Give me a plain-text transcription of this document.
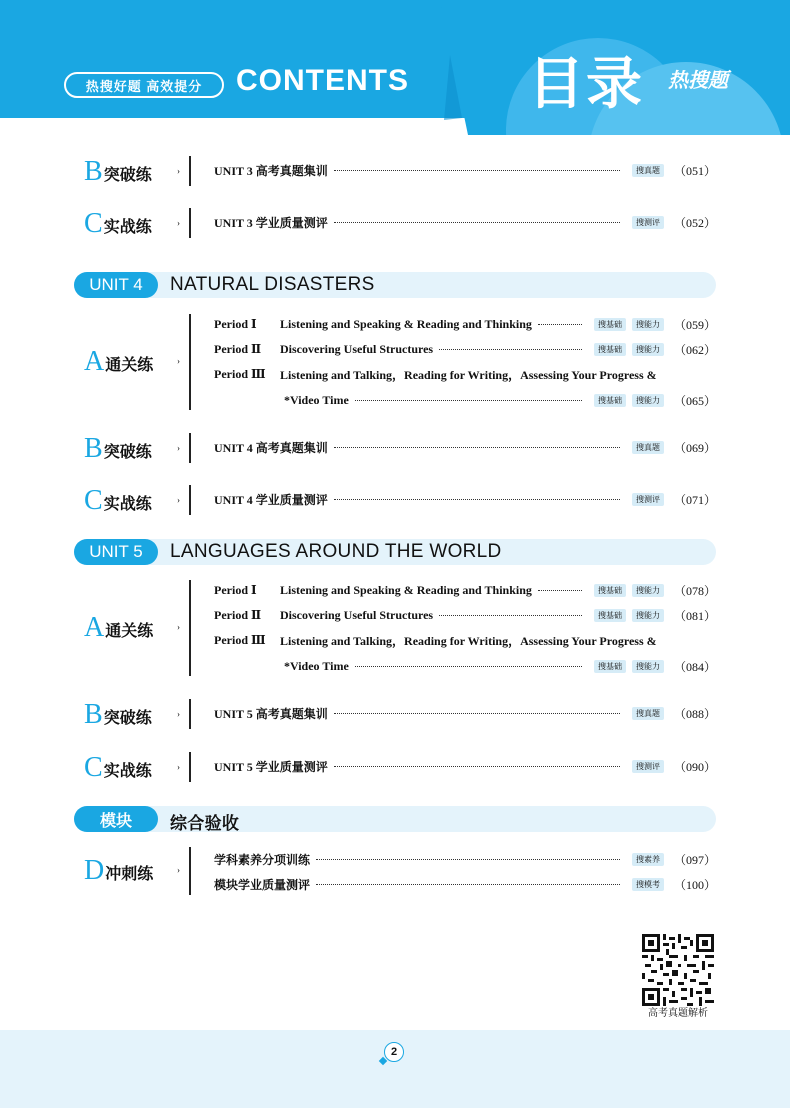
热搜好题 高效提分	CONTENTS 目录 热搜题
B 突破练	›	UNIT 3 高考真题集训	搜真题	（051）
C 实战练	›	UNIT 3 学业质量测评	搜测评	（052）
UNIT 4	NATURAL DISASTERS
A 通关练	›
Period Ⅰ	Listening and Speaking & Reading and Thinking	搜基础	搜能力	（059）
Period Ⅱ	Discovering Useful Structures	搜基础	搜能力	（062）
Period Ⅲ	Listening and Talking，Reading for Writing，Assessing Your Progress &
*Video Time	搜基础	搜能力	（065）
B 突破练	›	UNIT 4 高考真题集训	搜真题	（069）
C 实战练	›	UNIT 4 学业质量测评	搜测评	（071）
UNIT 5	LANGUAGES AROUND THE WORLD
A 通关练	›
Period Ⅰ	Listening and Speaking & Reading and Thinking	搜基础	搜能力	（078）
Period Ⅱ	Discovering Useful Structures	搜基础	搜能力	（081）
Period Ⅲ	Listening and Talking，Reading for Writing，Assessing Your Progress &
*Video Time	搜基础	搜能力	（084）
B 突破练	›	UNIT 5 高考真题集训	搜真题	（088）
C 实战练	›	UNIT 5 学业质量测评	搜测评	（090）
模块	综合验收
D 冲刺练	›
学科素养分项训练	搜素养	（097）
模块学业质量测评	搜模考	（100）
高考真题解析
2
